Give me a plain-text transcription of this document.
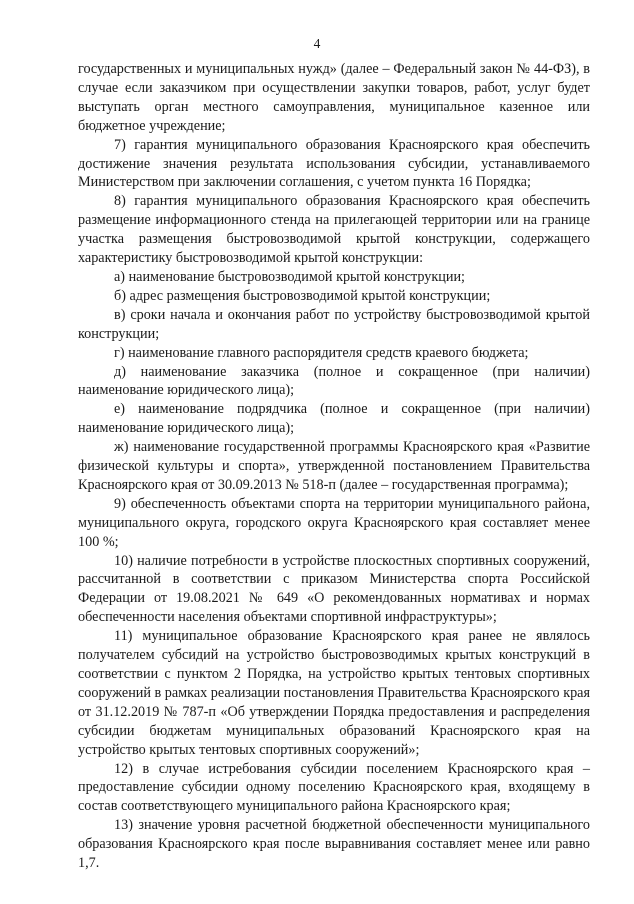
4

государственных и муниципальных нужд» (далее – Федеральный закон № 44-ФЗ), в случае если заказчиком при осуществлении закупки товаров, работ, услуг будет выступать орган местного самоуправления, муниципальное казенное или бюджетное учреждение;

7) гарантия муниципального образования Красноярского края обеспечить достижение значения результата использования субсидии, устанавливаемого Министерством при заключении соглашения, с учетом пункта 16 Порядка;

8) гарантия муниципального образования Красноярского края обеспечить размещение информационного стенда на прилегающей территории или на границе участка размещения быстровозводимой крытой конструкции, содержащего характеристику быстровозводимой крытой конструкции:

а) наименование быстровозводимой крытой конструкции;

б) адрес размещения быстровозводимой крытой конструкции;

в) сроки начала и окончания работ по устройству быстровозводимой крытой конструкции;

г) наименование главного распорядителя средств краевого бюджета;

д) наименование заказчика (полное и сокращенное (при наличии) наименование юридического лица);

е) наименование подрядчика (полное и сокращенное (при наличии) наименование юридического лица);

ж) наименование государственной программы Красноярского края «Развитие физической культуры и спорта», утвержденной постановлением Правительства Красноярского края от 30.09.2013 № 518-п (далее – государственная программа);

9) обеспеченность объектами спорта на территории муниципального района, муниципального округа, городского округа Красноярского края составляет менее 100 %;

10) наличие потребности в устройстве плоскостных спортивных сооружений, рассчитанной в соответствии с приказом Министерства спорта Российской Федерации от 19.08.2021 № 649 «О рекомендованных нормативах и нормах обеспеченности населения объектами спортивной инфраструктуры»;

11) муниципальное образование Красноярского края ранее не являлось получателем субсидий на устройство быстровозводимых крытых конструкций в соответствии с пунктом 2 Порядка, на устройство крытых тентовых спортивных сооружений в рамках реализации постановления Правительства Красноярского края от 31.12.2019 № 787-п «Об утверждении Порядка предоставления и распределения субсидии бюджетам муниципальных образований Красноярского края на устройство крытых тентовых спортивных сооружений»;

12) в случае истребования субсидии поселением Красноярского края – предоставление субсидии одному поселению Красноярского края, входящему в состав соответствующего муниципального района Красноярского края;

13) значение уровня расчетной бюджетной обеспеченности муниципального образования Красноярского края после выравнивания составляет менее или равно 1,7.
